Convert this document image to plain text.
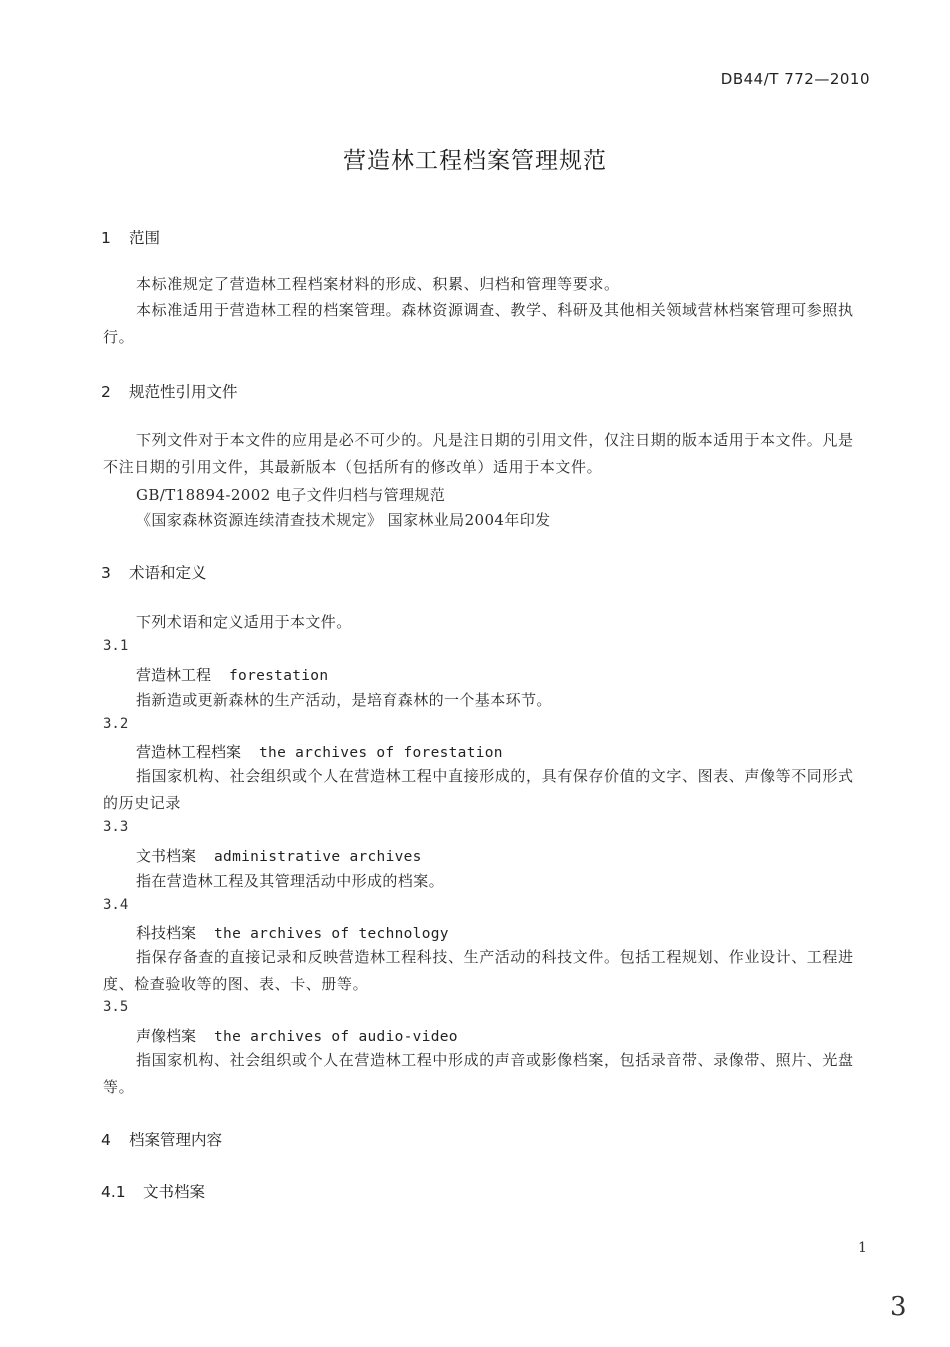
DB44/T 772—2010
营造林工程档案管理规范
1 范围
本标准规定了营造林工程档案材料的形成、积累、归档和管理等要求。
本标准适用于营造林工程的档案管理。森林资源调查、教学、科研及其他相关领域营林档案管理可参照执行。
2 规范性引用文件
下列文件对于本文件的应用是必不可少的。凡是注日期的引用文件，仅注日期的版本适用于本文件。凡是不注日期的引用文件，其最新版本（包括所有的修改单）适用于本文件。
GB/T18894-2002 电子文件归档与管理规范
《国家森林资源连续清查技术规定》 国家林业局2004年印发
3 术语和定义
下列术语和定义适用于本文件。
3.1
营造林工程 forestation
指新造或更新森林的生产活动，是培育森林的一个基本环节。
3.2
营造林工程档案 the archives of forestation
指国家机构、社会组织或个人在营造林工程中直接形成的，具有保存价值的文字、图表、声像等不同形式的历史记录
3.3
文书档案 administrative archives
指在营造林工程及其管理活动中形成的档案。
3.4
科技档案 the archives of technology
指保存备查的直接记录和反映营造林工程科技、生产活动的科技文件。包括工程规划、作业设计、工程进度、检查验收等的图、表、卡、册等。
3.5
声像档案 the archives of audio-video
指国家机构、社会组织或个人在营造林工程中形成的声音或影像档案，包括录音带、录像带、照片、光盘等。
4 档案管理内容
4.1 文书档案
1
3
